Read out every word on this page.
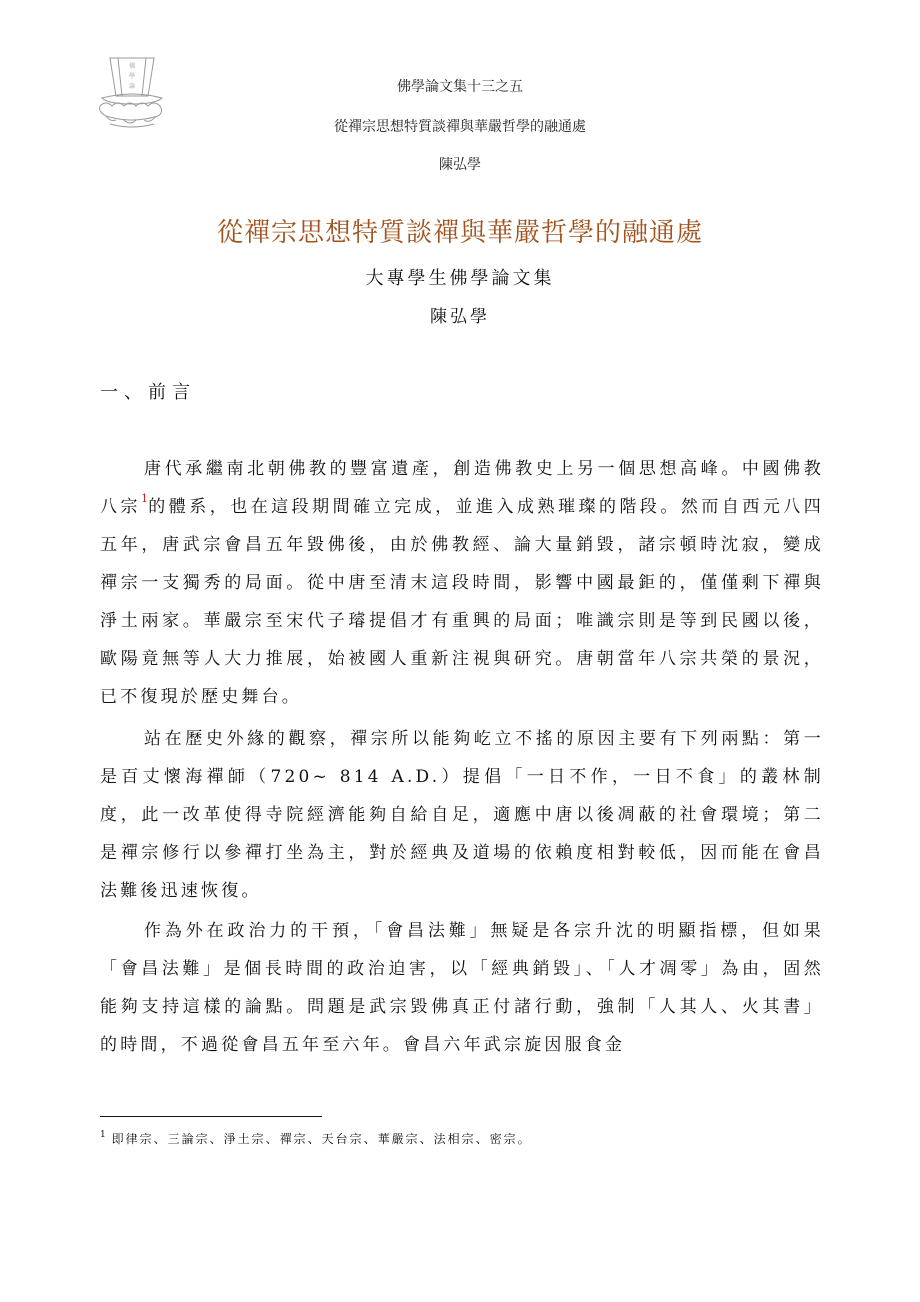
佛
學
論	佛學論文集十三之五
從禪宗思想特質談禪與華嚴哲學的融通處
陳弘學
從禪宗思想特質談禪與華嚴哲學的融通處
大專學生佛學論文集
陳弘學
一、前言

唐代承繼南北朝佛教的豐富遺產，創造佛教史上另一個思想高峰。中國佛教八宗$^1$的體系，也在這段期間確立完成，並進入成熟璀璨的階段。然而自西元八四五年，唐武宗會昌五年毀佛後，由於佛教經、論大量銷毀，諸宗頓時沈寂，變成禪宗一支獨秀的局面。從中唐至清末這段時間，影響中國最鉅的，僅僅剩下禪與淨土兩家。華嚴宗至宋代子璿提倡才有重興的局面；唯識宗則是等到民國以後，歐陽竟無等人大力推展，始被國人重新注視與研究。唐朝當年八宗共榮的景況，已不復現於歷史舞台。

站在歷史外緣的觀察，禪宗所以能夠屹立不搖的原因主要有下列兩點：第一是百丈懷海禪師（720~ 814 A.D.）提倡「一日不作，一日不食」的叢林制度，此一改革使得寺院經濟能夠自給自足，適應中唐以後凋蔽的社會環境；第二是禪宗修行以參禪打坐為主，對於經典及道場的依賴度相對較低，因而能在會昌法難後迅速恢復。

作為外在政治力的干預，「會昌法難」無疑是各宗升沈的明顯指標，但如果「會昌法難」是個長時間的政治迫害，以「經典銷毀」、「人才凋零」為由，固然能夠支持這樣的論點。問題是武宗毀佛真正付諸行動，強制「人其人、火其書」的時間，不過從會昌五年至六年。會昌六年武宗旋因服食金

$^1$ 即律宗、三論宗、淨土宗、禪宗、天台宗、華嚴宗、法相宗、密宗。
